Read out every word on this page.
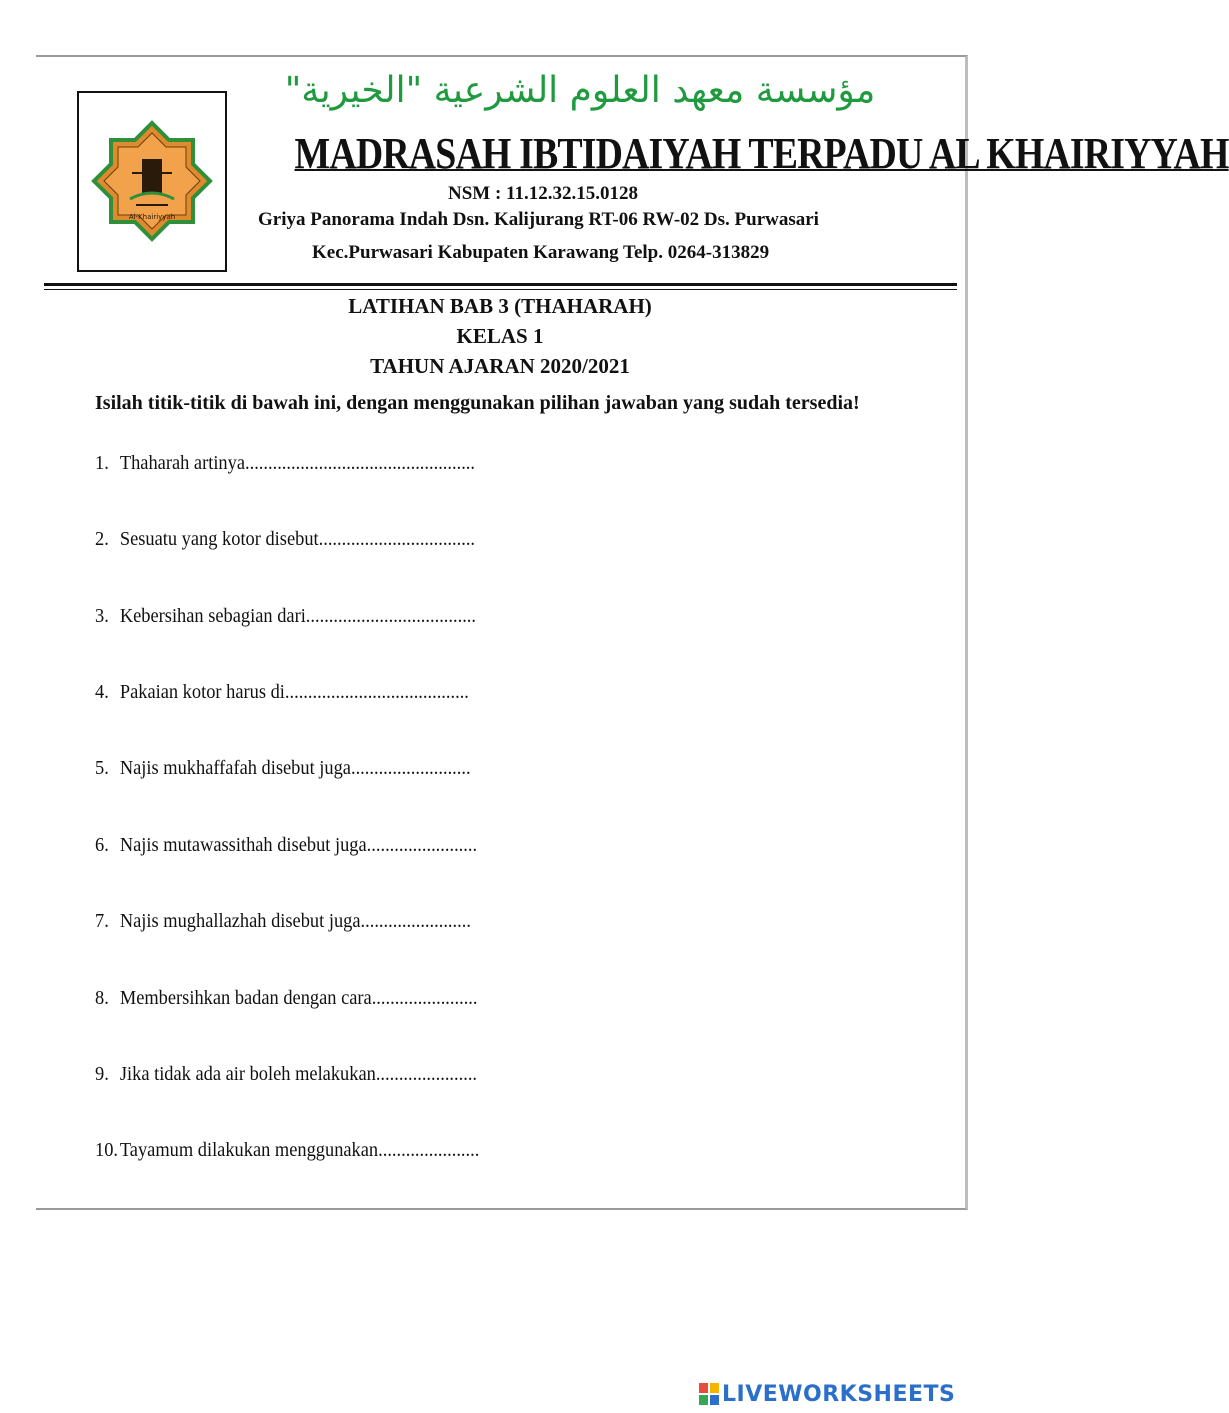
Al-Khairiyyah
مؤسسة معهد العلوم الشرعية "الخيرية"
MADRASAH IBTIDAIYAH TERPADU AL KHAIRIYYAH
NSM : 11.12.32.15.0128
Griya Panorama Indah Dsn. Kalijurang RT-06 RW-02 Ds. Purwasari
Kec.Purwasari Kabupaten Karawang Telp. 0264-313829
LATIHAN BAB 3 (THAHARAH)
KELAS 1
TAHUN AJARAN 2020/2021
Isilah titik-titik di bawah ini, dengan menggunakan pilihan jawaban yang sudah tersedia!
1. Thaharah artinya..................................................
2. Sesuatu yang kotor disebut..................................
3. Kebersihan sebagian dari.....................................
4. Pakaian kotor harus di........................................
5. Najis mukhaffafah disebut juga..........................
6. Najis mutawassithah disebut juga........................
7. Najis mughallazhah disebut juga........................
8. Membersihkan badan dengan cara.......................
9. Jika tidak ada air boleh melakukan......................
10.Tayamum dilakukan menggunakan......................
LIVEWORKSHEETS
